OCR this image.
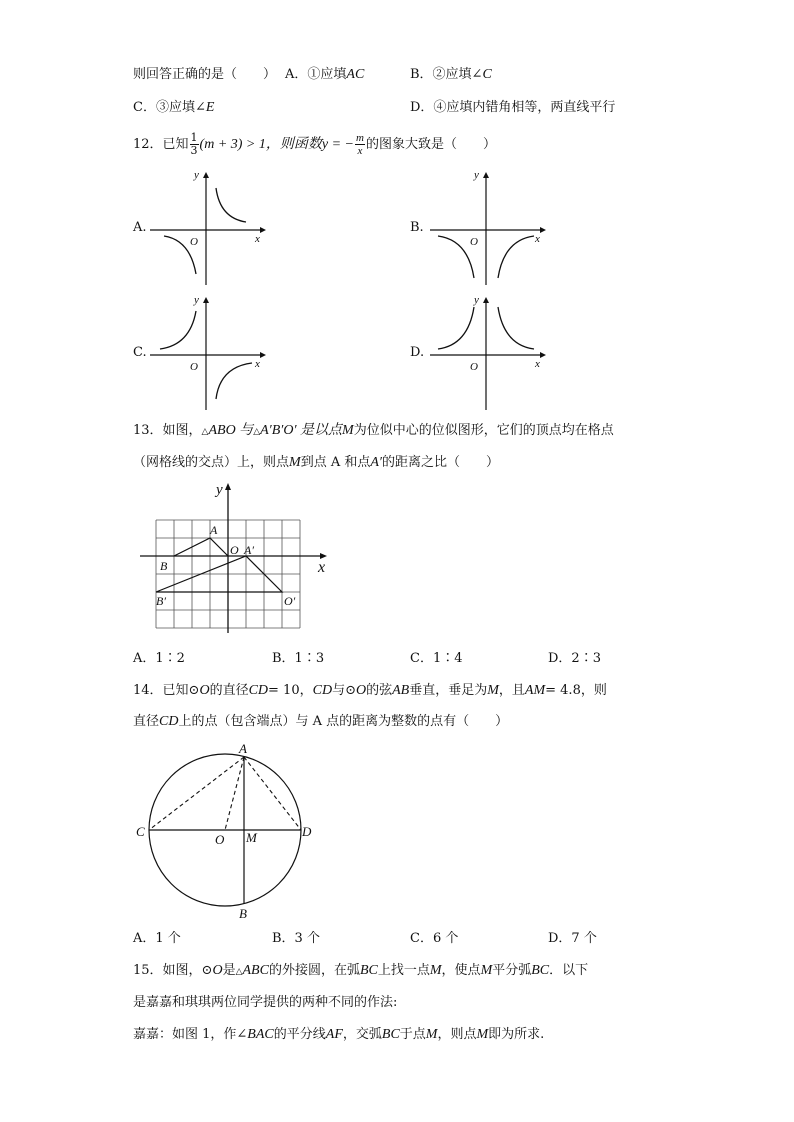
则回答正确的是（　　） A．①应填AC	B．②应填∠C
C．③应填∠E	D．④应填内错角相等，两直线平行
12．已知 $\frac{1}{3} (m + 3) > 1$，则函数y = − $\frac{m}{x}$ 的图象大致是（　　）
A.
y
x
O
B.
y
x
O
C.
y
x
O
D.
y
x
O
13．如图，△ABO 与△A′B′O′ 是以点M为位似中心的位似图形，它们的顶点均在格点
（网格线的交点）上，则点M到点 A 和点A′的距离之比（　　）
y
x
A
O A′
B
B′	O′
A．1∶2	B．1∶3	C．1∶4	D．2∶3
14．已知⊙O的直径CD= 10，CD与⊙O的弦AB垂直，垂足为M，且AM= 4.8，则
直径CD上的点（包含端点）与 A 点的距离为整数的点有（　　）
A
B
C	D
O M
A．1 个	B．3 个	C．6 个	D．7 个
15．如图，⊙O是△ABC的外接圆，在弧BC上找一点M，使点M平分弧BC．以下
是嘉嘉和琪琪两位同学提供的两种不同的作法:
嘉嘉：如图 1，作∠BAC的平分线AF，交弧BC于点M，则点M即为所求.
